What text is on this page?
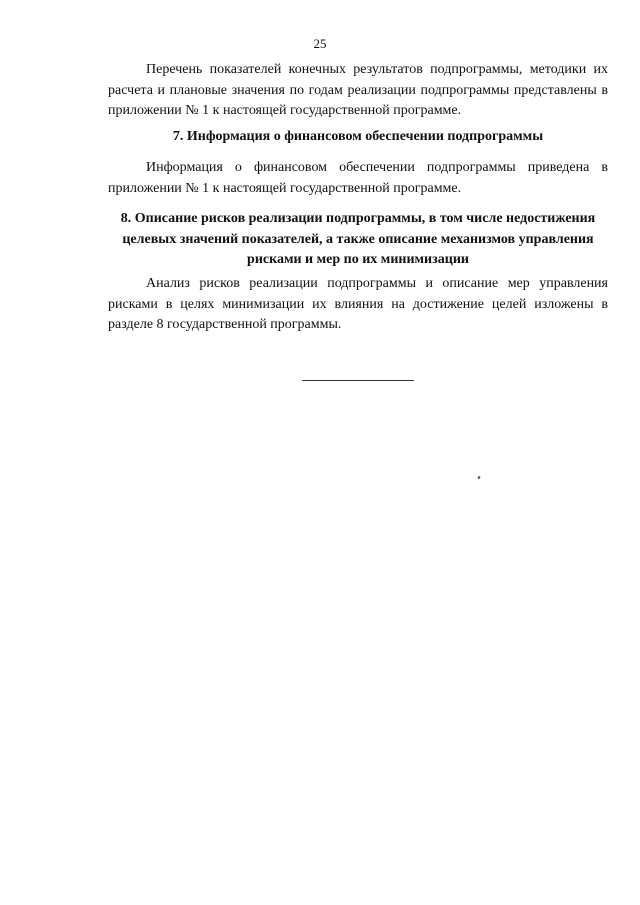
25

Перечень показателей конечных результатов подпрограммы, методики их расчета и плановые значения по годам реализации подпрограммы представлены в приложении № 1 к настоящей государственной программе.

7. Информация о финансовом обеспечении подпрограммы

Информация о финансовом обеспечении подпрограммы приведена в приложении № 1 к настоящей государственной программе.

8. Описание рисков реализации подпрограммы, в том числе недостижения целевых значений показателей, а также описание механизмов управления рисками и мер по их минимизации

Анализ рисков реализации подпрограммы и описание мер управления рисками в целях минимизации их влияния на достижение целей изложены в разделе 8 государственной программы.
